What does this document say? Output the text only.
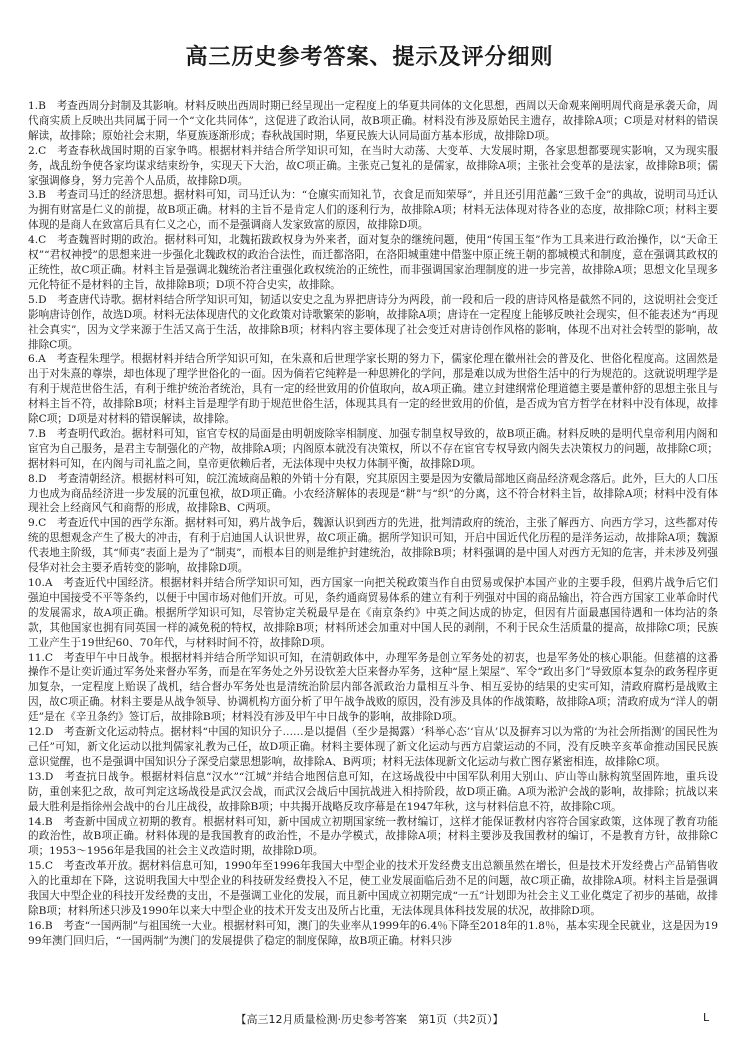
高三历史参考答案、提示及评分细则
1.B　考查西周分封制及其影响。材料反映出西周时期已经呈现出一定程度上的华夏共同体的文化思想，西周以天命观来阐明周代商是承袭天命，周代商实质上反映出共同属于同一个“文化共同体”，这促进了政治认同，故B项正确。材料没有涉及原始民主遗存，故排除A项；C项是对材料的错误解读，故排除；原始社会末期，华夏族逐渐形成；春秋战国时期，华夏民族大认同局面方基本形成，故排除D项。
2.C　考查春秋战国时期的百家争鸣。根据材料并结合所学知识可知，在当时大动荡、大变革、大发展时期，各家思想都要现实影响，又为现实服务，战乱纷争使各家均谋求结束纷争，实现天下大治，故C项正确。主张克己复礼的是儒家，故排除A项；主张社会变革的是法家，故排除B项；儒家强调修身，努力完善个人品质，故排除D项。
3.B　考查司马迁的经济思想。据材料可知，司马迁认为：“仓廪实而知礼节，衣食足而知荣辱”，并且还引用范蠡“三致千金”的典故，说明司马迁认为拥有财富是仁义的前提，故B项正确。材料的主旨不是肯定人们的逐利行为，故排除A项；材料无法体现对待各业的态度，故排除C项；材料主要体现的是商人在致富后具有仁义之心，而不是强调商人发家致富的原因，故排除D项。
4.C　考查魏晋时期的政治。据材料可知，北魏拓跋政权身为外来者，面对复杂的继统问题，使用“传国玉玺”作为工具来进行政治操作，以“天命王权”“君权神授”的思想来进一步强化北魏政权的政治合法性，而迁都洛阳，在洛阳城重建中借鉴中原正统王朝的都城模式和制度，意在强调其政权的正统性，故C项正确。材料主旨是强调北魏统治者注重强化政权统治的正统性，而非强调国家治理制度的进一步完善，故排除A项；思想文化呈现多元化特征不是材料的主旨，故排除B项；D项不符合史实，故排除。
5.D　考查唐代诗歌。据材料结合所学知识可知，韧适以安史之乱为界把唐诗分为两段，前一段和后一段的唐诗风格是截然不同的，这说明社会变迁影响唐诗创作，故选D项。材料无法体现唐代的文化政策对诗歌繁荣的影响，故排除A项；唐诗在一定程度上能够反映社会现实，但不能表述为“再现社会真实”，因为文学来源于生活又高于生活，故排除B项；材料内容主要体现了社会变迁对唐诗创作风格的影响，体现不出对社会转型的影响，故排除C项。
6.A　考查程朱理学。根据材料并结合所学知识可知，在朱熹和后世理学家长期的努力下，儒家伦理在徽州社会的普及化、世俗化程度高。这固然是出于对朱熹的尊崇，却也体现了理学世俗化的一面。因为倘若它纯粹是一种思辨化的学问，那是难以成为世俗生活中的行为规范的。这就说明理学是有利于规范世俗生活，有利于维护统治者统治，具有一定的经世致用的价值取向，故A项正确。建立封建纲常伦理道德主要是董仲舒的思想主张且与材料主旨不符，故排除B项；材料主旨是理学有助于规范世俗生活，体现其具有一定的经世致用的价值，是否成为官方哲学在材料中没有体现，故排除C项；D项是对材料的错误解读，故排除。
7.B　考查明代政治。据材料可知，宦官专权的局面是由明朝废除宰相制度、加强专制皇权导致的，故B项正确。材料反映的是明代皇帝利用内阁和宦官为自己服务，是君主专制强化的产物，故排除A项；内阁原本就没有决策权，所以不存在宦官专权导致内阁失去决策权力的问题，故排除C项；据材料可知，在内阁与司礼监之间，皇帝更依赖后者，无法体现中央权力体制平衡，故排除D项。
8.D　考查清朝经济。根据材料可知，皖江流域商品粮的外销十分有限，究其原因主要是因为安徽局部地区商品经济观念落后。此外，巨大的人口压力也成为商品经济进一步发展的沉重包袱，故D项正确。小农经济解体的表现是“耕”与“织”的分离，这不符合材料主旨，故排除A项；材料中没有体现社会上经商风气和商帮的形成，故排除B、C两项。
9.C　考查近代中国的西学东渐。据材料可知，鸦片战争后，魏源认识到西方的先进，批判清政府的统治，主张了解西方、向西方学习，这些都对传统的思想观念产生了极大的冲击，有利于启迪国人认识世界，故C项正确。据所学知识可知，开启中国近代化历程的是洋务运动，故排除A项；魏源代表地主阶级，其“师夷”表面上是为了“制夷”，而根本目的则是维护封建统治，故排除B项；材料强调的是中国人对西方无知的危害，并未涉及列强侵华对社会主要矛盾转变的影响，故排除D项。
10.A　考查近代中国经济。根据材料并结合所学知识可知，西方国家一向把关税政策当作自由贸易或保护本国产业的主要手段，但鸦片战争后它们强迫中国接受不平等条约，以便于中国市场对他们开放。可见，条约通商贸易体系的建立有利于列强对中国的商品输出，符合西方国家工业革命时代的发展需求，故A项正确。根据所学知识可知，尽管协定关税最早是在《南京条约》中英之间达成的协定，但因有片面最惠国待遇和一体均沾的条款，其他国家也拥有同英国一样的减免税的特权，故排除B项；材料所述会加重对中国人民的剥削，不利于民众生活质量的提高，故排除C项；民族工业产生于19世纪60、70年代，与材料时间不符，故排除D项。
11.C　考查甲午中日战争。根据材料并结合所学知识可知，在清朝政体中，办理军务是创立军务处的初衷，也是军务处的核心职能。但慈禧的这番操作不是让奕䜣通过军务处来督办军务，而是在军务处之外另设钦差大臣来督办军务，这种“屋上架屋”、军令“政出多门”导致原本复杂的政务程序更加复杂，一定程度上贻误了战机，结合督办军务处也是清统治阶层内部各派政治力量相互斗争、相互妥协的结果的史实可知，清政府腐朽是战败主因，故C项正确。材料主要是从战争领导、协调机构方面分析了甲午战争战败的原因，没有涉及具体的作战策略，故排除A项；清政府成为“洋人的朝廷”是在《辛丑条约》签订后，故排除B项；材料没有涉及甲午中日战争的影响，故排除D项。
12.D　考查新文化运动特点。据材料“中国的知识分子……是以提倡（至少是揭露）‘科举心态’‘盲从’以及摒弃习以为常的‘为社会所指测’的国民性为己任”可知，新文化运动以批判儒家礼教为己任，故D项正确。材料主要体现了新文化运动与西方启蒙运动的不同，没有反映辛亥革命推动国民民族意识觉醒，也不是强调中国知识分子深受启蒙思想影响，故排除A、B两项；材料无法体现新文化运动与救亡图存紧密相连，故排除C项。
13.D　考查抗日战争。根据材料信息“汉水”“江城”并结合地图信息可知，在这场战役中中国军队利用大别山、庐山等山脉构筑坚固阵地，重兵设防，重创来犯之敌，故可判定这场战役是武汉会战，而武汉会战后中国抗战进入相持阶段，故D项正确。A项为淞沪会战的影响，故排除；抗战以来最大胜利是指徐州会战中的台儿庄战役，故排除B项；中共揭开战略反攻序幕是在1947年秋，这与材料信息不符，故排除C项。
14.B　考查新中国成立初期的教育。根据材料可知，新中国成立初期国家统一教材编订，这样才能保证教材内容符合国家政策，这体现了教育功能的政治性，故B项正确。材料体现的是我国教育的政治性，不是办学模式，故排除A项；材料主要涉及我国教材的编订，不是教育方针，故排除C项；1953～1956年是我国的社会主义改造时期，故排除D项。
15.C　考查改革开放。据材料信息可知，1990年至1996年我国大中型企业的技术开发经费支出总额虽然在增长，但是技术开发经费占产品销售收入的比重却在下降，这说明我国大中型企业的科技研发经费投入不足，使工业发展面临后劲不足的问题，故C项正确，故排除A项。材料主旨是强调我国大中型企业的科技开发经费的支出，不是强调工业化的发展，而且新中国成立初期完成“一五”计划即为社会主义工业化奠定了初步的基础，故排除B项；材料所述只涉及1990年以来大中型企业的技术开发支出及所占比重，无法体现具体科技发展的状况，故排除D项。
16.B　考查“一国两制”与祖国统一大业。根据材料可知，澳门的失业率从1999年的6.4％下降至2018年的1.8％，基本实现全民就业，这是因为1999年澳门回归后，“一国两制”为澳门的发展提供了稳定的制度保障，故B项正确。材料只涉
【高三12月质量检测·历史参考答案　第1页（共2页）】	L
